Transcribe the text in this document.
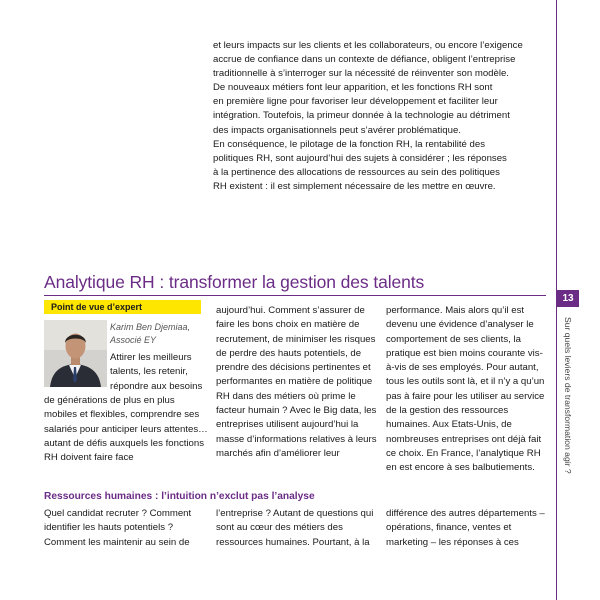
et leurs impacts sur les clients et les collaborateurs, ou encore l’exigence

accrue de confiance dans un contexte de défiance, obligent l’entreprise

traditionnelle à s’interroger sur la nécessité de réinventer son modèle.

De nouveaux métiers font leur apparition, et les fonctions RH sont

en première ligne pour favoriser leur développement et faciliter leur

intégration. Toutefois, la primeur donnée à la technologie au détriment

des impacts organisationnels peut s’avérer problématique.

En conséquence, le pilotage de la fonction RH, la rentabilité des

politiques RH, sont aujourd’hui des sujets à considérer ; les réponses

à la pertinence des allocations de ressources au sein des politiques

RH existent : il est simplement nécessaire de les mettre en œuvre.

Analytique RH : transformer la gestion des talents
Point de vue d’expert
Karim Ben Djemiaa,
Associé EY

Attirer les meilleurs talents, les retenir, répondre aux besoins

de générations de plus en plus mobiles et flexibles, comprendre ses salariés pour anticiper leurs attentes… autant de défis auxquels les fonctions RH doivent faire face

aujourd’hui. Comment s’assurer de faire les bons choix en matière de recrutement, de minimiser les risques de perdre des hauts potentiels, de prendre des décisions pertinentes et performantes en matière de politique RH dans des métiers où prime le facteur humain ? Avec le Big data, les entreprises utilisent aujourd’hui la masse d’informations relatives à leurs marchés afin d’améliorer leur

performance. Mais alors qu’il est devenu une évidence d’analyser le comportement de ses clients, la pratique est bien moins courante vis-à-vis de ses employés. Pour autant, tous les outils sont là, et il n’y a qu’un pas à faire pour les utiliser au service de la gestion des ressources humaines. Aux Etats-Unis, de nombreuses entreprises ont déjà fait ce choix. En France, l’analytique RH en est encore à ses balbutiements.

Ressources humaines : l’intuition n’exclut pas l’analyse

Quel candidat recruter ? Comment identifier les hauts potentiels ? Comment les maintenir au sein de

l’entreprise ? Autant de questions qui sont au cœur des métiers des ressources humaines. Pourtant, à la

différence des autres départements – opérations, finance, ventes et marketing – les réponses à ces

13
Sur quels leviers de transformation agir ?
